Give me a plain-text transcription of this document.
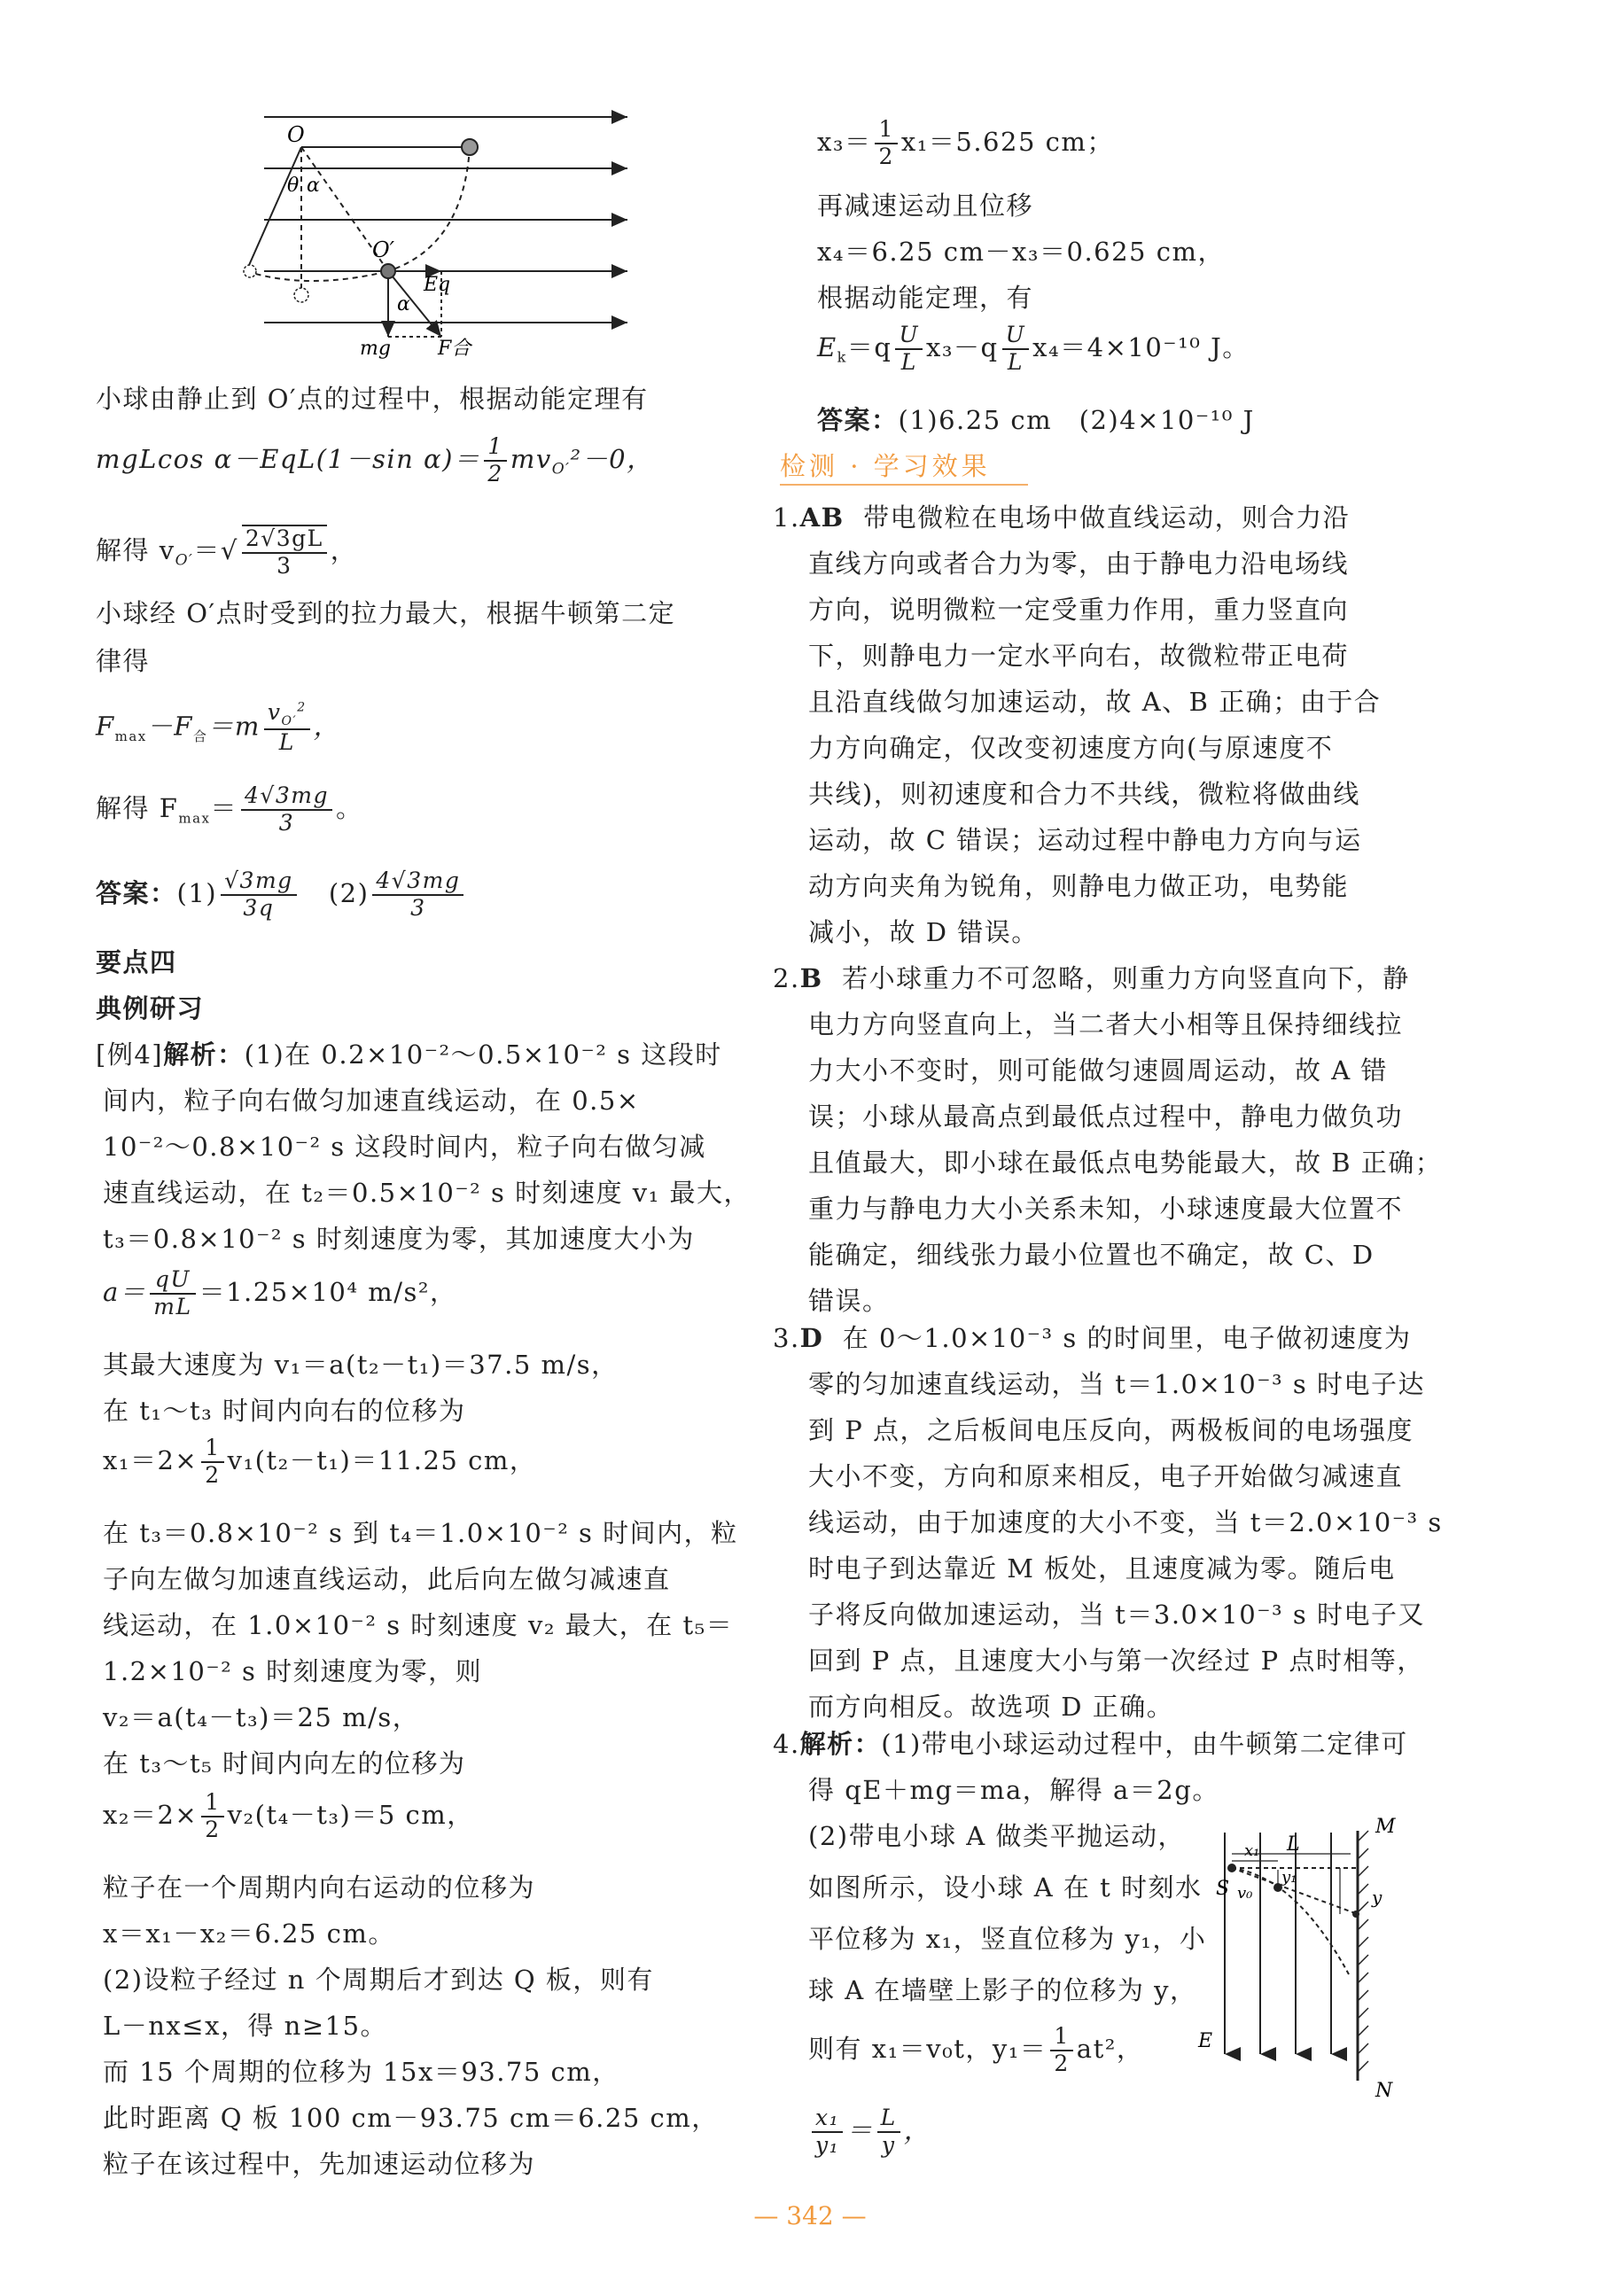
O
θ α
O′
Eq
α
mg F合
小球由静止到 O′点的过程中，根据动能定理有
mgLcos α－EqL(1－sin $\alpha)= \frac{1}{2} mv_{O'}^2-0$，
解得 $v_{O'}=√ \frac{2√3gL}{3}$ ，
小球经 O′点时受到的拉力最大，根据牛顿第二定
律得
$F_{max}-F_合=m \frac{v_{O'}^2}{L}$ ，
解得 $F_{max}= \frac{4√3mg}{3}$ 。
答案：$(1) \frac{√3mg}{3q} (2) \frac{4√3mg}{3}$
要点四
典例研习
[例4]解析：(1)在 0.2×10⁻²～0.5×10⁻² s 这段时
间内，粒子向右做匀加速直线运动，在 0.5×
10⁻²～0.8×10⁻² s 这段时间内，粒子向右做匀减
速直线运动，在 t₂＝0.5×10⁻² s 时刻速度 v₁ 最大，
t₃＝0.8×10⁻² s 时刻速度为零，其加速度大小为
$a= \frac{qU}{mL} =1.25\times 10^4$ m/s²，
其最大速度为 v₁＝a(t₂－t₁)＝37.5 m/s，
在 t₁～t₃ 时间内向右的位移为
$x_1=2\times \frac{1}{2} v_1(t_2-t_1)=11.25$ cm，
在 t₃＝0.8×10⁻² s 到 t₄＝1.0×10⁻² s 时间内，粒
子向左做匀加速直线运动，此后向左做匀减速直
线运动，在 1.0×10⁻² s 时刻速度 v₂ 最大，在 t₅＝
1.2×10⁻² s 时刻速度为零，则
v₂＝a(t₄－t₃)＝25 m/s，
在 t₃～t₅ 时间内向左的位移为
$x_2=2\times \frac{1}{2} v_2(t_4-t_3)=5$ cm，
粒子在一个周期内向右运动的位移为
x＝x₁－x₂＝6.25 cm。
(2)设粒子经过 n 个周期后才到达 Q 板，则有
L－nx≤x，得 n≥15。
而 15 个周期的位移为 15x＝93.75 cm，
此时距离 Q 板 100 cm－93.75 cm＝6.25 cm，
粒子在该过程中，先加速运动位移为
$x_3= \frac{1}{2} x_1=5.625$ cm；
再减速运动且位移
x₄＝6.25 cm－x₃＝0.625 cm，
根据动能定理，有
$E_k=q \frac{U}{L} x_3-q \frac{U}{L} x_4=4\times 10^{-10}$ J。
答案：(1)6.25 cm　(2)4×10⁻¹⁰ J
检测 · 学习效果
1.AB 带电微粒在电场中做直线运动，则合力沿
直线方向或者合力为零，由于静电力沿电场线
方向，说明微粒一定受重力作用，重力竖直向
下，则静电力一定水平向右，故微粒带正电荷
且沿直线做匀加速运动，故 A、B 正确；由于合
力方向确定，仅改变初速度方向(与原速度不
共线)，则初速度和合力不共线，微粒将做曲线
运动，故 C 错误；运动过程中静电力方向与运
动方向夹角为锐角，则静电力做正功，电势能
减小，故 D 错误。
2.B 若小球重力不可忽略，则重力方向竖直向下，静
电力方向竖直向上，当二者大小相等且保持细线拉
力大小不变时，则可能做匀速圆周运动，故 A 错
误；小球从最高点到最低点过程中，静电力做负功
且值最大，即小球在最低点电势能最大，故 B 正确；
重力与静电力大小关系未知，小球速度最大位置不
能确定，细线张力最小位置也不确定，故 C、D
错误。
3.D 在 0～1.0×10⁻³ s 的时间里，电子做初速度为
零的匀加速直线运动，当 t＝1.0×10⁻³ s 时电子达
到 P 点，之后板间电压反向，两极板间的电场强度
大小不变，方向和原来相反，电子开始做匀减速直
线运动，由于加速度的大小不变，当 t＝2.0×10⁻³ s
时电子到达靠近 M 板处，且速度减为零。随后电
子将反向做加速运动，当 t＝3.0×10⁻³ s 时电子又
回到 P 点，且速度大小与第一次经过 P 点时相等，
而方向相反。故选项 D 正确。
4.解析：(1)带电小球运动过程中，由牛顿第二定律可
得 qE＋mg＝ma，解得 a＝2g。
(2)带电小球 A 做类平抛运动，
如图所示，设小球 A 在 t 时刻水
平位移为 x₁，竖直位移为 y₁，小
球 A 在墙壁上影子的位移为 y，
则有 x₁＝v₀t，$y_1= \frac{1}{2} at^2$，
$\frac{\text{x₁}}{\text{y₁}} = \frac{L}{y}$ ，
L
M
N
E
S
x₁
y₁
y
v₀
— 342 —
